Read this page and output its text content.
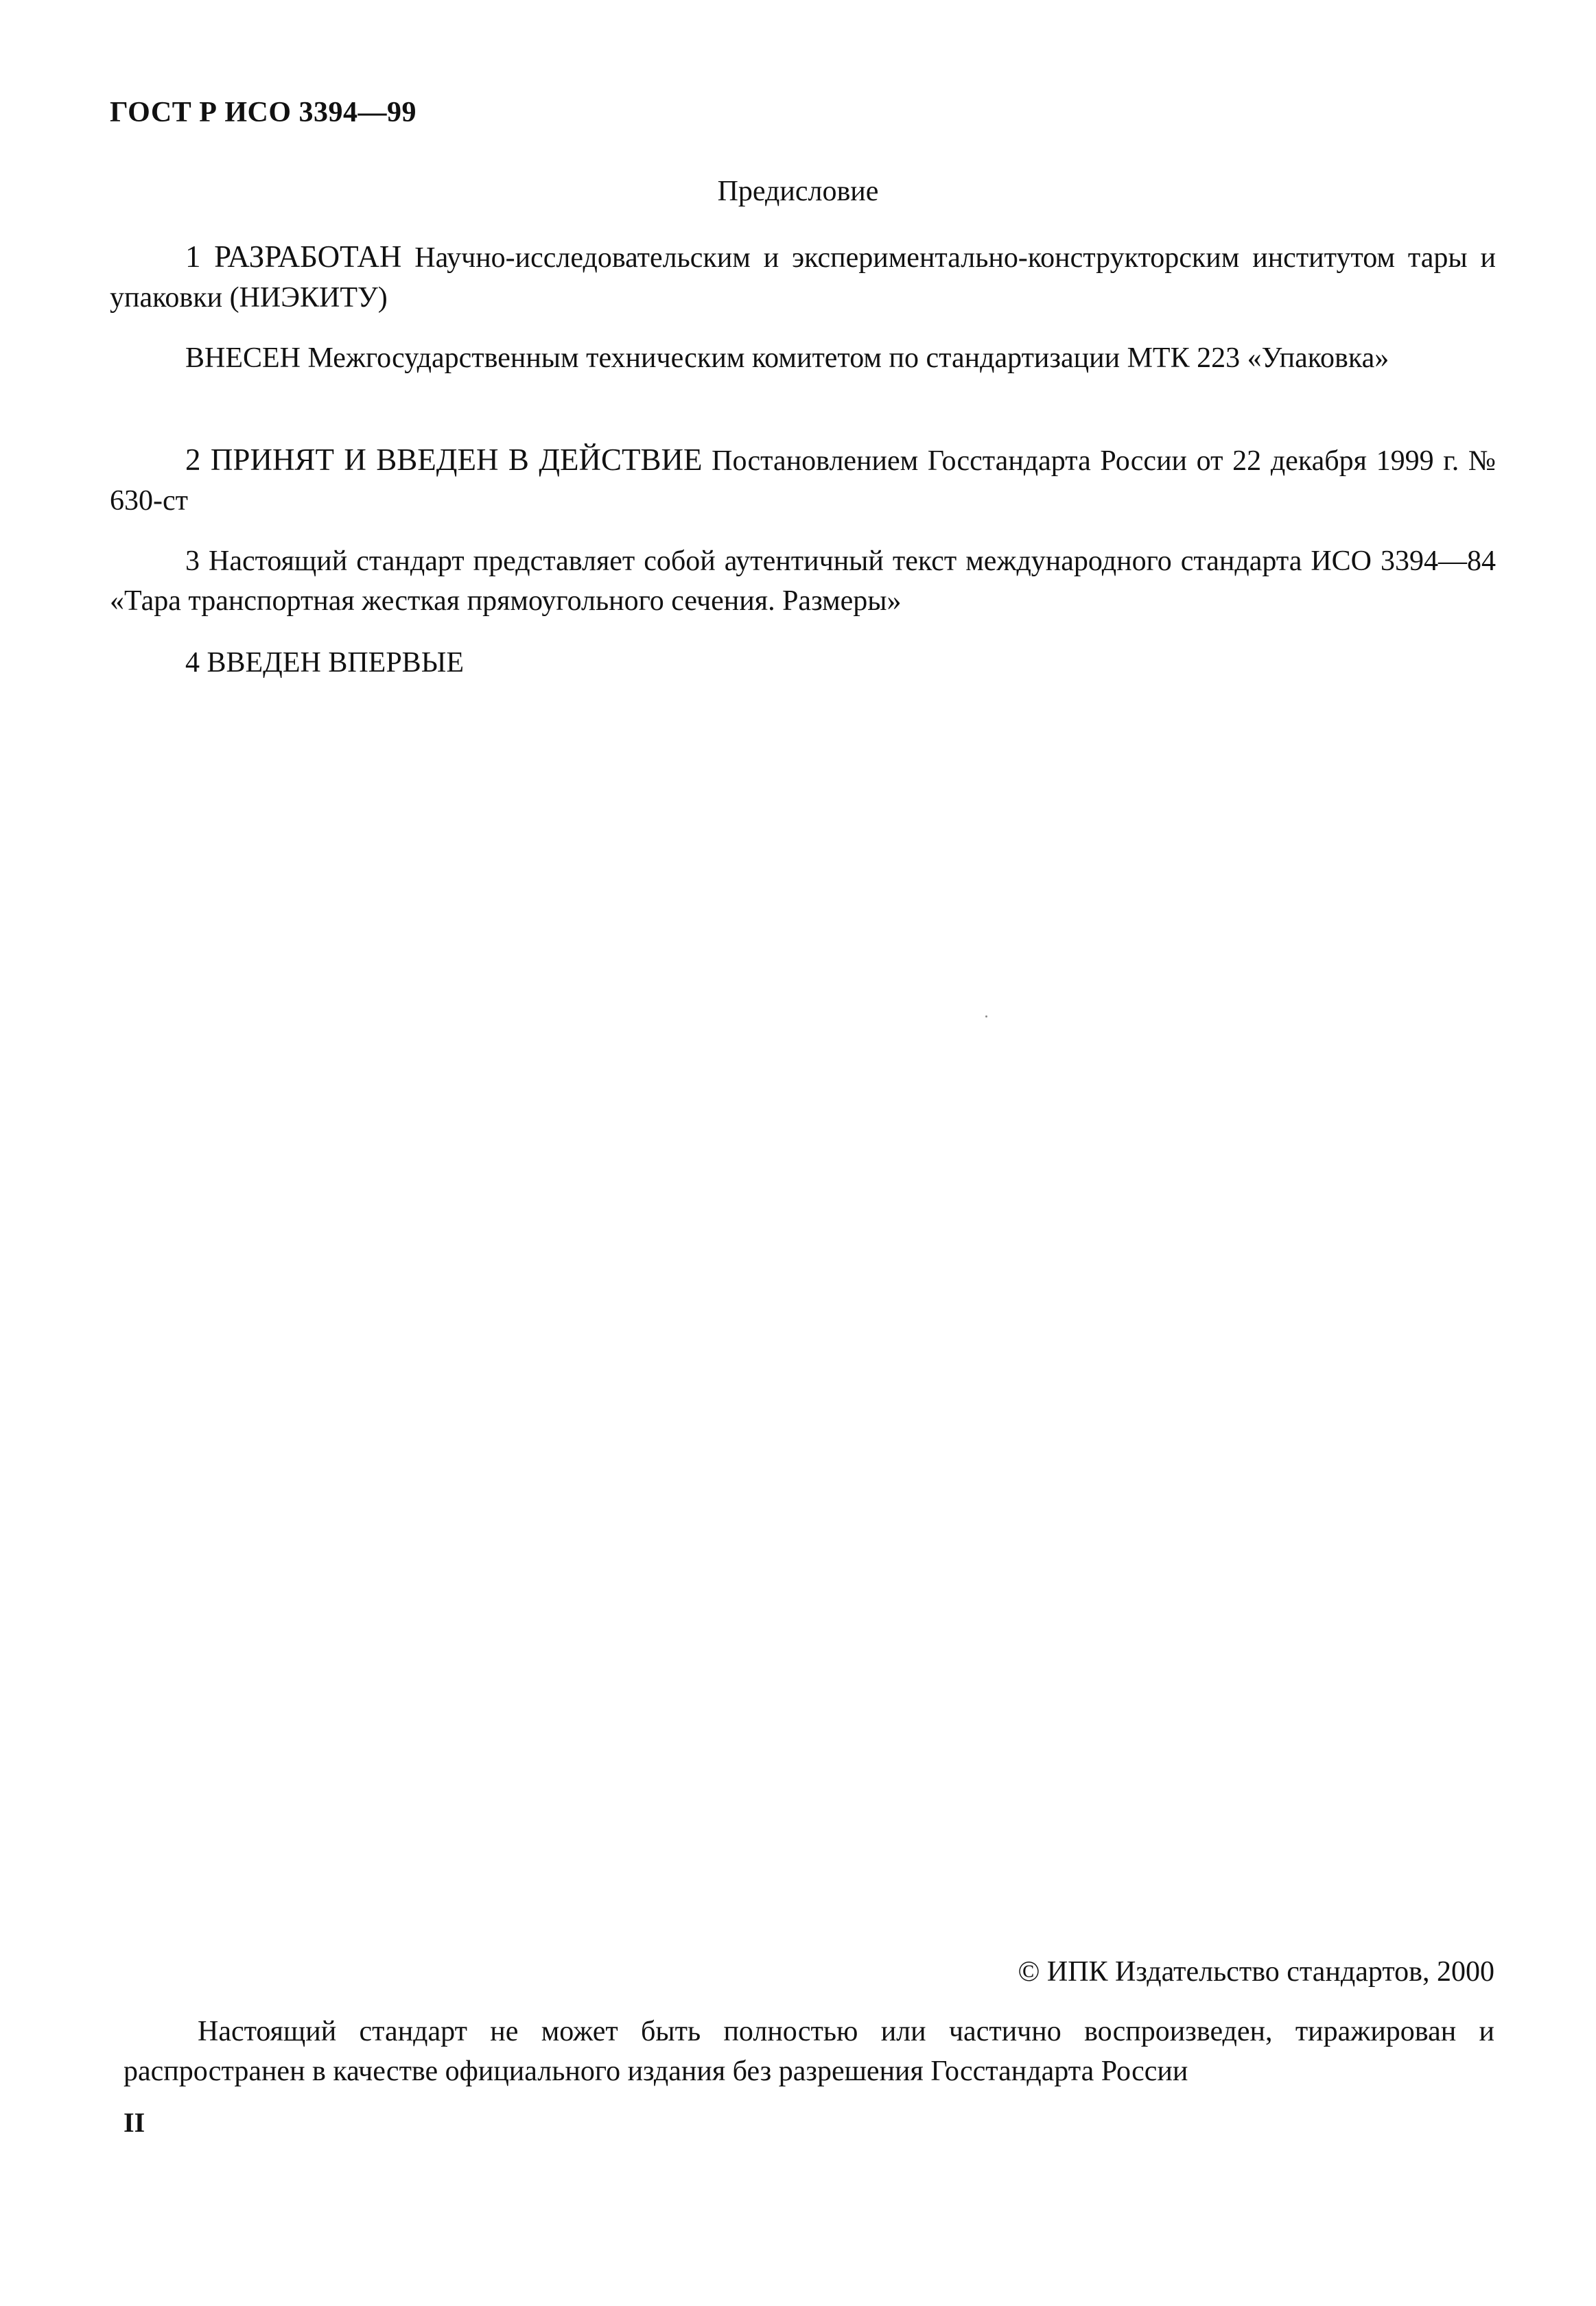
ГОСТ Р ИСО 3394—99
Предисловие
1 РАЗРАБОТАН Научно-исследовательским и экспериментально-конструкторским институтом тары и упаковки (НИЭКИТУ)
ВНЕСЕН Межгосударственным техническим комитетом по стандартизации МТК 223 «Упаковка»
2 ПРИНЯТ И ВВЕДЕН В ДЕЙСТВИЕ Постановлением Госстандарта России от 22 декабря 1999 г. № 630-ст
3 Настоящий стандарт представляет собой аутентичный текст международного стандарта ИСО 3394—84 «Тара транспортная жесткая прямоугольного сечения. Размеры»
4 ВВЕДЕН ВПЕРВЫЕ
© ИПК Издательство стандартов, 2000
Настоящий стандарт не может быть полностью или частично воспроизведен, тиражирован и распространен в качестве официального издания без разрешения Госстандарта России
II
